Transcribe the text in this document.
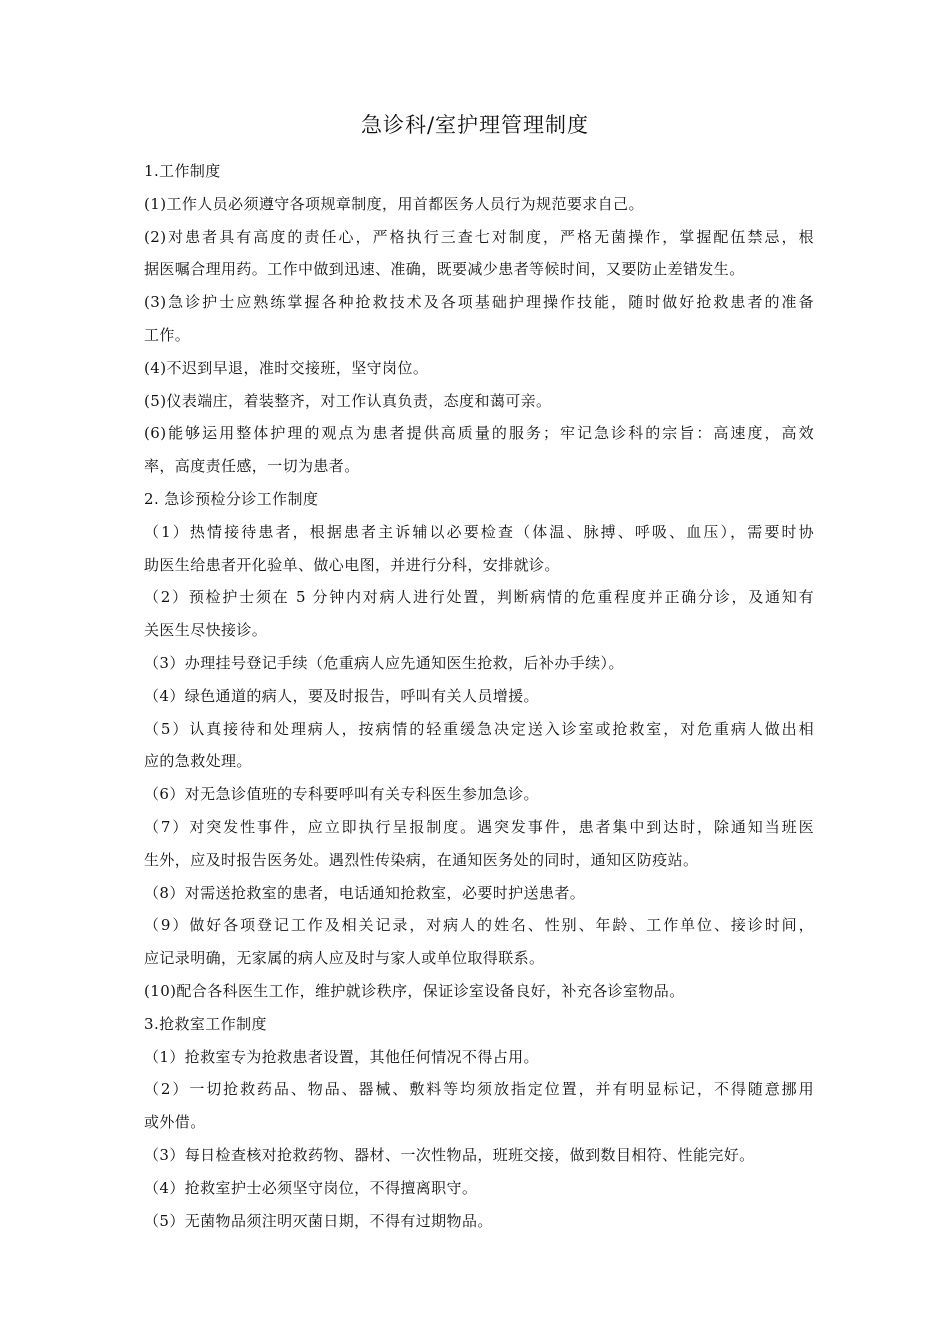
急诊科/室护理管理制度
1.工作制度
(1)工作人员必须遵守各项规章制度，用首都医务人员行为规范要求自己。
(2)对患者具有高度的责任心，严格执行三查七对制度，严格无菌操作，掌握配伍禁忌，根
据医嘱合理用药。工作中做到迅速、准确，既要减少患者等候时间，又要防止差错发生。
(3)急诊护士应熟练掌握各种抢救技术及各项基础护理操作技能，随时做好抢救患者的准备
工作。
(4)不迟到早退，准时交接班，坚守岗位。
(5)仪表端庄，着装整齐，对工作认真负责，态度和蔼可亲。
(6)能够运用整体护理的观点为患者提供高质量的服务；牢记急诊科的宗旨：高速度，高效
率，高度责任感，一切为患者。
2. 急诊预检分诊工作制度
（1）热情接待患者，根据患者主诉辅以必要检查（体温、脉搏、呼吸、血压），需要时协
助医生给患者开化验单、做心电图，并进行分科，安排就诊。
（2）预检护士须在 5 分钟内对病人进行处置，判断病情的危重程度并正确分诊，及通知有
关医生尽快接诊。
（3）办理挂号登记手续（危重病人应先通知医生抢救，后补办手续）。
（4）绿色通道的病人，要及时报告，呼叫有关人员增援。
（5）认真接待和处理病人，按病情的轻重缓急决定送入诊室或抢救室，对危重病人做出相
应的急救处理。
（6）对无急诊值班的专科要呼叫有关专科医生参加急诊。
（7）对突发性事件，应立即执行呈报制度。遇突发事件，患者集中到达时，除通知当班医
生外，应及时报告医务处。遇烈性传染病，在通知医务处的同时，通知区防疫站。
（8）对需送抢救室的患者，电话通知抢救室，必要时护送患者。
（9）做好各项登记工作及相关记录，对病人的姓名、性别、年龄、工作单位、接诊时间，
应记录明确，无家属的病人应及时与家人或单位取得联系。
(10)配合各科医生工作，维护就诊秩序，保证诊室设备良好，补充各诊室物品。
3.抢救室工作制度
（1）抢救室专为抢救患者设置，其他任何情况不得占用。
（2）一切抢救药品、物品、器械、敷料等均须放指定位置，并有明显标记，不得随意挪用
或外借。
（3）每日检查核对抢救药物、器材、一次性物品，班班交接，做到数目相符、性能完好。
（4）抢救室护士必须坚守岗位，不得擅离职守。
（5）无菌物品须注明灭菌日期，不得有过期物品。
